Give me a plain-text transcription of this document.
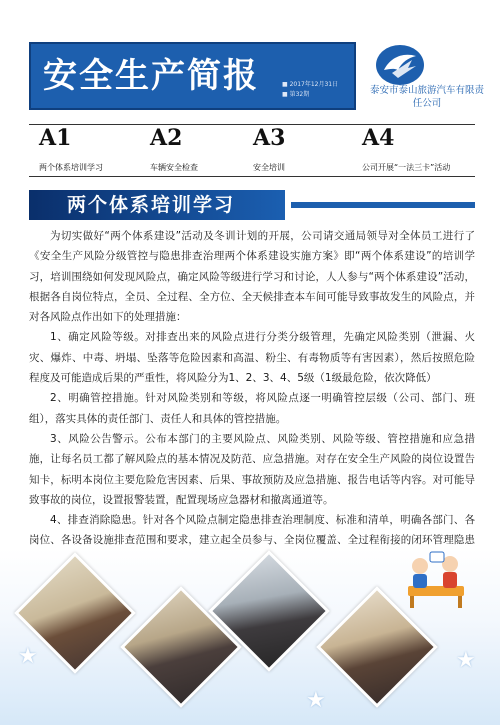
安全生产简报	■ 2017年12月31日
■ 第32期	泰安市泰山旅游汽车有限责任公司
A1
两个体系培训学习
A2
车辆安全检查
A3
安全培训
A4
公司开展“一法三卡”活动
两个体系培训学习

为切实做好“两个体系建设”活动及冬训计划的开展，公司请交通局领导对全体员工进行了《安全生产风险分级管控与隐患排查治理两个体系建设实施方案》即“两个体系建设”的培训学习，培训围绕如何发现风险点，确定风险等级进行学习和讨论，人人参与“两个体系建设”活动，根据各自岗位特点，全员、全过程、全方位、全天候排查本车间可能导致事故发生的风险点，并对各风险点作出如下的处理措施：

1、确定风险等级。对排查出来的风险点进行分类分级管理，先确定风险类别（泄漏、火灾、爆炸、中毒、坍塌、坠落等危险因素和高温、粉尘、有毒物质等有害因素），然后按照危险程度及可能造成后果的严重性，将风险分为1、2、3、4、5级（1级最危险，依次降低）

2、明确管控措施。针对风险类别和等级，将风险点逐一明确管控层级（公司、部门、班组），落实具体的责任部门、责任人和具体的管控措施。

3、风险公告警示。公布本部门的主要风险点、风险类别、风险等级、管控措施和应急措施，让每名员工都了解风险点的基本情况及防范、应急措施。对存在安全生产风险的岗位设置告知卡，标明本岗位主要危险危害因素、后果、事故预防及应急措施、报告电话等内容。对可能导致事故的岗位，设置报警装置，配置现场应急器材和撤离通道等。

4、排查消除隐患。针对各个风险点制定隐患排查治理制度、标准和清单，明确各部门、各岗位、各设备设施排查范围和要求，建立起全员参与、全岗位覆盖、全过程衔接的闭环管理隐患

★
★
★
